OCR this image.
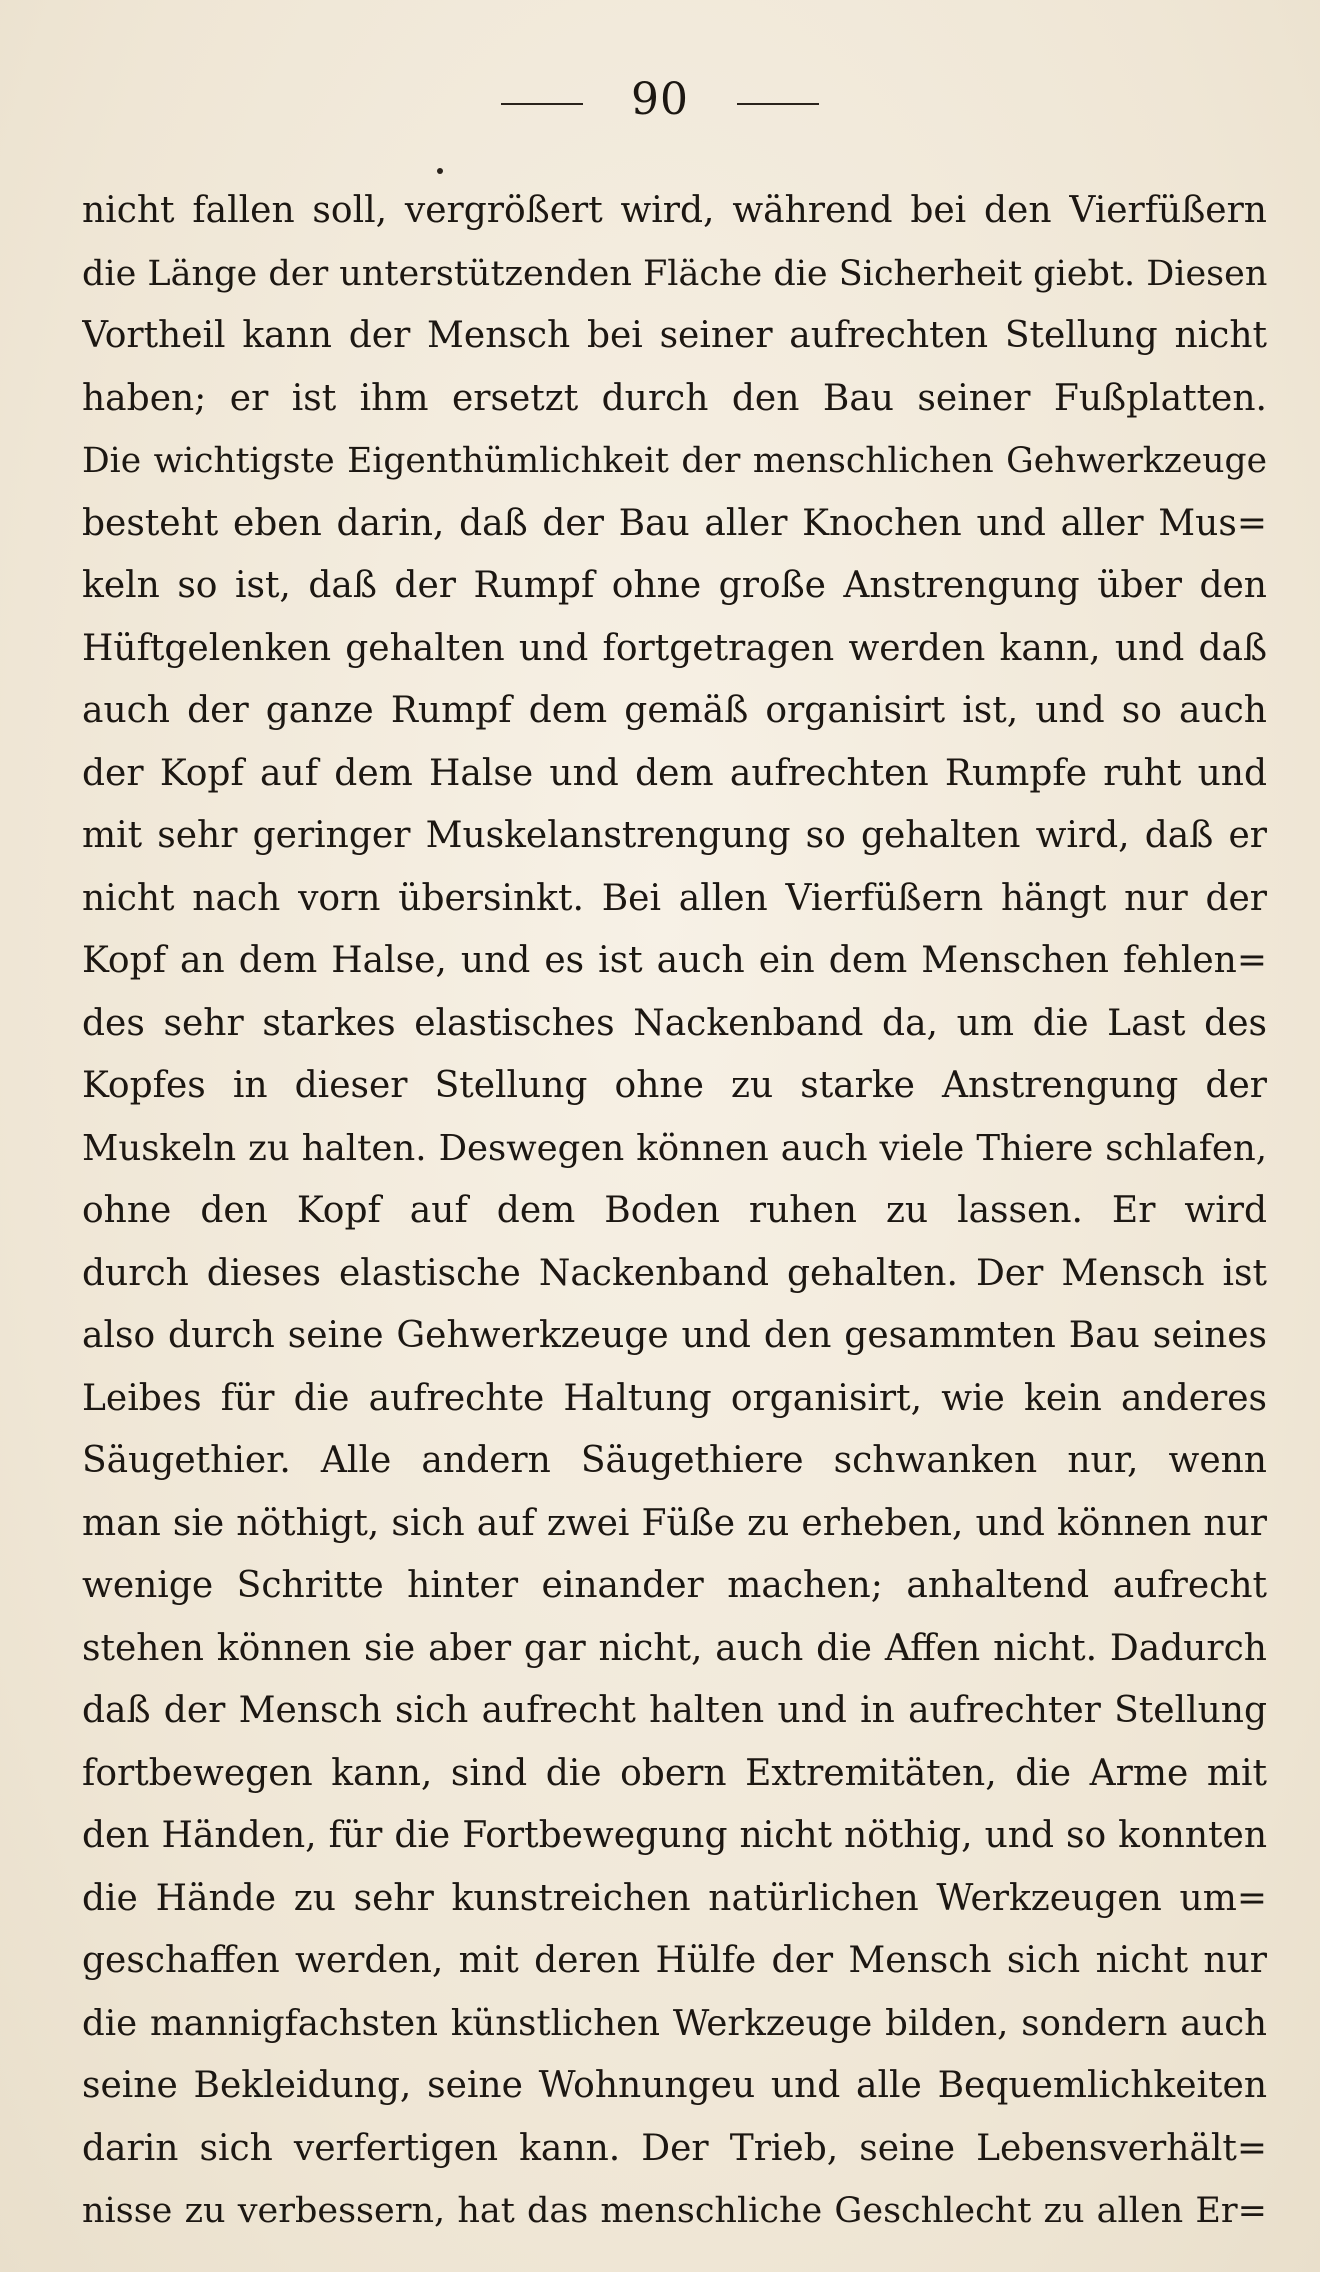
90
nicht fallen soll, vergrößert wird, während bei den Vierfüßern
die Länge der unterstützenden Fläche die Sicherheit giebt. Diesen
Vortheil kann der Mensch bei seiner aufrechten Stellung nicht
haben; er ist ihm ersetzt durch den Bau seiner Fußplatten.
Die wichtigste Eigenthümlichkeit der menschlichen Gehwerkzeuge
besteht eben darin, daß der Bau aller Knochen und aller Mus=
keln so ist, daß der Rumpf ohne große Anstrengung über den
Hüftgelenken gehalten und fortgetragen werden kann, und daß
auch der ganze Rumpf dem gemäß organisirt ist, und so auch
der Kopf auf dem Halse und dem aufrechten Rumpfe ruht und
mit sehr geringer Muskelanstrengung so gehalten wird, daß er
nicht nach vorn übersinkt. Bei allen Vierfüßern hängt nur der
Kopf an dem Halse, und es ist auch ein dem Menschen fehlen=
des sehr starkes elastisches Nackenband da, um die Last des
Kopfes in dieser Stellung ohne zu starke Anstrengung der
Muskeln zu halten. Deswegen können auch viele Thiere schlafen,
ohne den Kopf auf dem Boden ruhen zu lassen. Er wird
durch dieses elastische Nackenband gehalten. Der Mensch ist
also durch seine Gehwerkzeuge und den gesammten Bau seines
Leibes für die aufrechte Haltung organisirt, wie kein anderes
Säugethier. Alle andern Säugethiere schwanken nur, wenn
man sie nöthigt, sich auf zwei Füße zu erheben, und können nur
wenige Schritte hinter einander machen; anhaltend aufrecht
stehen können sie aber gar nicht, auch die Affen nicht. Dadurch
daß der Mensch sich aufrecht halten und in aufrechter Stellung
fortbewegen kann, sind die obern Extremitäten, die Arme mit
den Händen, für die Fortbewegung nicht nöthig, und so konnten
die Hände zu sehr kunstreichen natürlichen Werkzeugen um=
geschaffen werden, mit deren Hülfe der Mensch sich nicht nur
die mannigfachsten künstlichen Werkzeuge bilden, sondern auch
seine Bekleidung, seine Wohnungeu und alle Bequemlichkeiten
darin sich verfertigen kann. Der Trieb, seine Lebensverhält=
nisse zu verbessern, hat das menschliche Geschlecht zu allen Er=
